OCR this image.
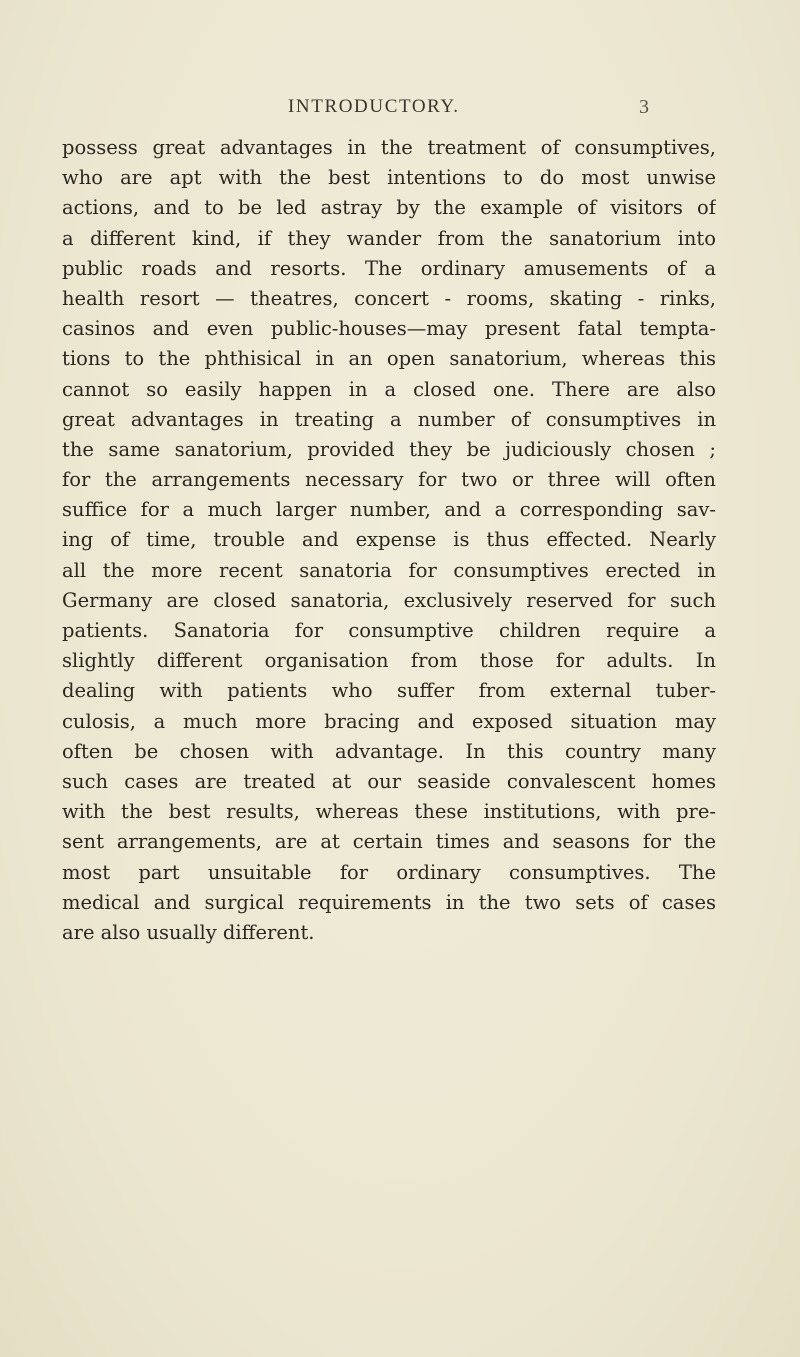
INTRODUCTORY.	3
possess great advantages in the treatment of consumptives,
who are apt with the best intentions to do most unwise
actions, and to be led astray by the example of visitors of
a different kind, if they wander from the sanatorium into
public roads and resorts. The ordinary amusements of a
health resort — theatres, concert - rooms, skating - rinks,
casinos and even public-houses—may present fatal tempta-
tions to the phthisical in an open sanatorium, whereas this
cannot so easily happen in a closed one. There are also
great advantages in treating a number of consumptives in
the same sanatorium, provided they be judiciously chosen ;
for the arrangements necessary for two or three will often
suffice for a much larger number, and a corresponding sav-
ing of time, trouble and expense is thus effected. Nearly
all the more recent sanatoria for consumptives erected in
Germany are closed sanatoria, exclusively reserved for such
patients. Sanatoria for consumptive children require a
slightly different organisation from those for adults. In
dealing with patients who suffer from external tuber-
culosis, a much more bracing and exposed situation may
often be chosen with advantage. In this country many
such cases are treated at our seaside convalescent homes
with the best results, whereas these institutions, with pre-
sent arrangements, are at certain times and seasons for the
most part unsuitable for ordinary consumptives. The
medical and surgical requirements in the two sets of cases
are also usually different.
